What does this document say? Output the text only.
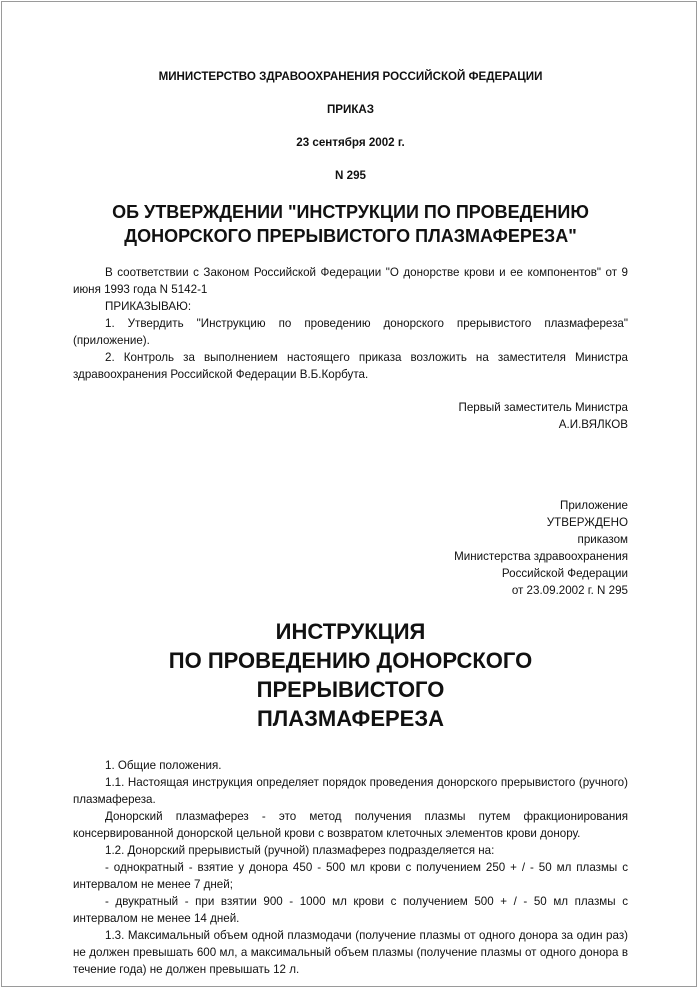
МИНИСТЕРСТВО ЗДРАВООХРАНЕНИЯ РОССИЙСКОЙ ФЕДЕРАЦИИ
ПРИКАЗ
23 сентября 2002 г.
N 295
ОБ УТВЕРЖДЕНИИ "ИНСТРУКЦИИ ПО ПРОВЕДЕНИЮ
ДОНОРСКОГО ПРЕРЫВИСТОГО ПЛАЗМАФЕРЕЗА"

В соответствии с Законом Российской Федерации "О донорстве крови и ее компонентов" от 9 июня 1993 года N 5142-1

ПРИКАЗЫВАЮ:

1. Утвердить "Инструкцию по проведению донорского прерывистого плазмафереза" (приложение).

2. Контроль за выполнением настоящего приказа возложить на заместителя Министра здравоохранения Российской Федерации В.Б.Корбута.

Первый заместитель Министра
А.И.ВЯЛКОВ
Приложение
УТВЕРЖДЕНО
приказом
Министерства здравоохранения
Российской Федерации
от 23.09.2002 г. N 295
ИНСТРУКЦИЯ
ПО ПРОВЕДЕНИЮ ДОНОРСКОГО ПРЕРЫВИСТОГО
ПЛАЗМАФЕРЕЗА

1. Общие положения.

1.1. Настоящая инструкция определяет порядок проведения донорского прерывистого (ручного) плазмафереза.

Донорский плазмаферез - это метод получения плазмы путем фракционирования консервированной донорской цельной крови с возвратом клеточных элементов крови донору.

1.2. Донорский прерывистый (ручной) плазмаферез подразделяется на:

- однократный - взятие у донора 450 - 500 мл крови с получением 250 + / - 50 мл плазмы с интервалом не менее 7 дней;

- двукратный - при взятии 900 - 1000 мл крови с получением 500 + / - 50 мл плазмы с интервалом не менее 14 дней.

1.3. Максимальный объем одной плазмодачи (получение плазмы от одного донора за один раз) не должен превышать 600 мл, а максимальный объем плазмы (получение плазмы от одного донора в течение года) не должен превышать 12 л.
